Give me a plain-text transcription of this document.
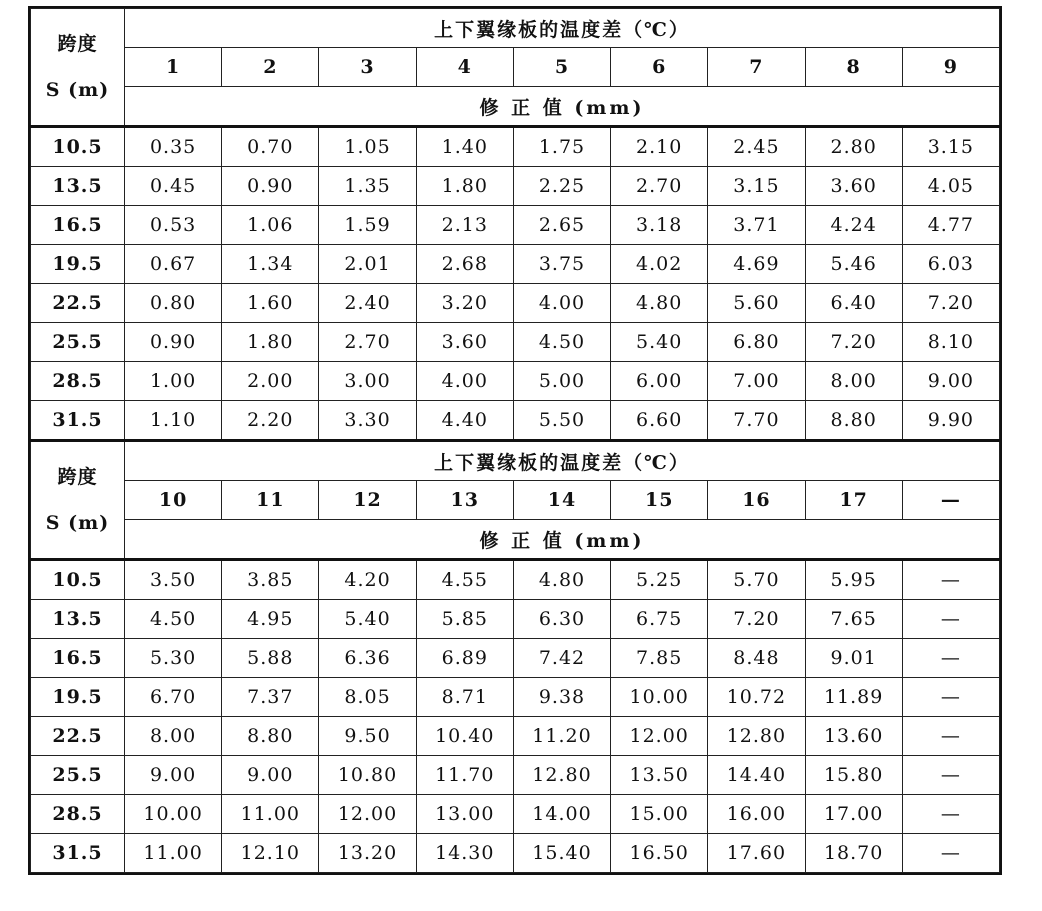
跨度
S (m)	上下翼缘板的温度差（℃）								
	1	2	3	4	5	6	7	8	9
	修 正 值 (mm)								
10.5	0.35	0.70	1.05	1.40	1.75	2.10	2.45	2.80	3.15
13.5	0.45	0.90	1.35	1.80	2.25	2.70	3.15	3.60	4.05
16.5	0.53	1.06	1.59	2.13	2.65	3.18	3.71	4.24	4.77
19.5	0.67	1.34	2.01	2.68	3.75	4.02	4.69	5.46	6.03
22.5	0.80	1.60	2.40	3.20	4.00	4.80	5.60	6.40	7.20
25.5	0.90	1.80	2.70	3.60	4.50	5.40	6.80	7.20	8.10
28.5	1.00	2.00	3.00	4.00	5.00	6.00	7.00	8.00	9.00
31.5	1.10	2.20	3.30	4.40	5.50	6.60	7.70	8.80	9.90

跨度
S (m)	上下翼缘板的温度差（℃）								
	10	11	12	13	14	15	16	17	—
	修 正 值 (mm)								
10.5	3.50	3.85	4.20	4.55	4.80	5.25	5.70	5.95	—
13.5	4.50	4.95	5.40	5.85	6.30	6.75	7.20	7.65	—
16.5	5.30	5.88	6.36	6.89	7.42	7.85	8.48	9.01	—
19.5	6.70	7.37	8.05	8.71	9.38	10.00	10.72	11.89	—
22.5	8.00	8.80	9.50	10.40	11.20	12.00	12.80	13.60	—
25.5	9.00	9.00	10.80	11.70	12.80	13.50	14.40	15.80	—
28.5	10.00	11.00	12.00	13.00	14.00	15.00	16.00	17.00	—
31.5	11.00	12.10	13.20	14.30	15.40	16.50	17.60	18.70	—
